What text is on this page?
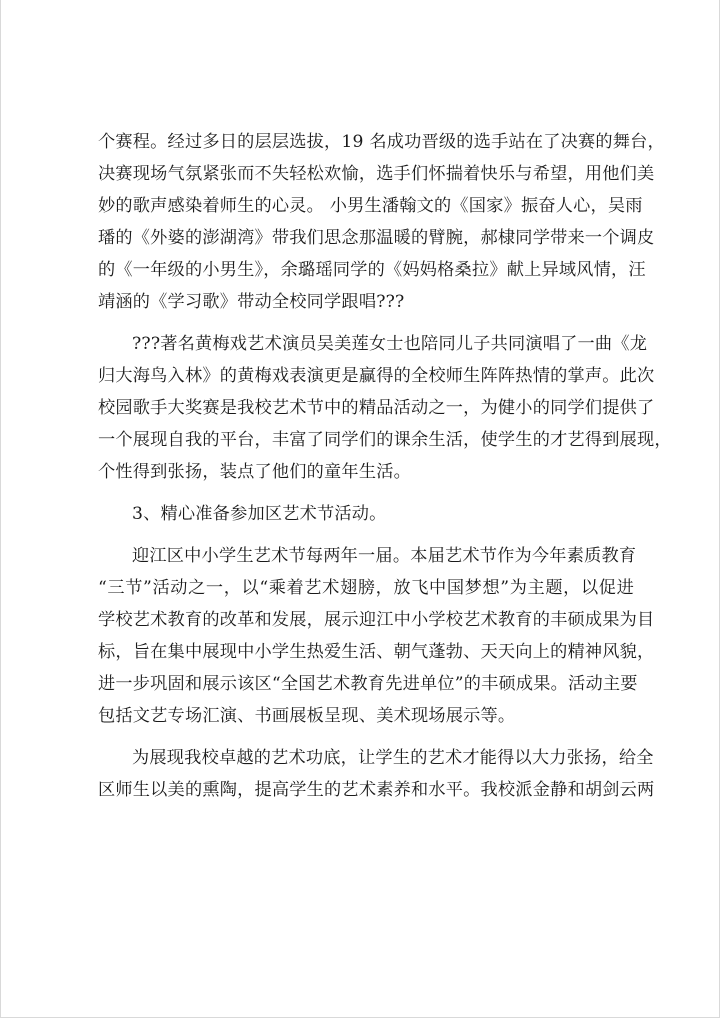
个赛程。经过多日的层层选拔，19 名成功晋级的选手站在了决赛的舞台，
决赛现场气氛紧张而不失轻松欢愉，选手们怀揣着快乐与希望，用他们美
妙的歌声感染着师生的心灵。 小男生潘翰文的《国家》振奋人心，吴雨
璠的《外婆的澎湖湾》带我们思念那温暖的臂腕，郝棣同学带来一个调皮
的《一年级的小男生》，余璐瑶同学的《妈妈格桑拉》献上异域风情，汪
靖涵的《学习歌》带动全校同学跟唱???
???著名黄梅戏艺术演员吴美莲女士也陪同儿子共同演唱了一曲《龙
归大海鸟入林》的黄梅戏表演更是赢得的全校师生阵阵热情的掌声。此次
校园歌手大奖赛是我校艺术节中的精品活动之一，为健小的同学们提供了
一个展现自我的平台，丰富了同学们的课余生活，使学生的才艺得到展现，
个性得到张扬，装点了他们的童年生活。
3、精心准备参加区艺术节活动。
迎江区中小学生艺术节每两年一届。本届艺术节作为今年素质教育
“三节”活动之一，以“乘着艺术翅膀，放飞中国梦想”为主题，以促进
学校艺术教育的改革和发展，展示迎江中小学校艺术教育的丰硕成果为目
标，旨在集中展现中小学生热爱生活、朝气蓬勃、天天向上的精神风貌，
进一步巩固和展示该区“全国艺术教育先进单位”的丰硕成果。活动主要
包括文艺专场汇演、书画展板呈现、美术现场展示等。
为展现我校卓越的艺术功底，让学生的艺术才能得以大力张扬，给全
区师生以美的熏陶，提高学生的艺术素养和水平。我校派金静和胡剑云两
